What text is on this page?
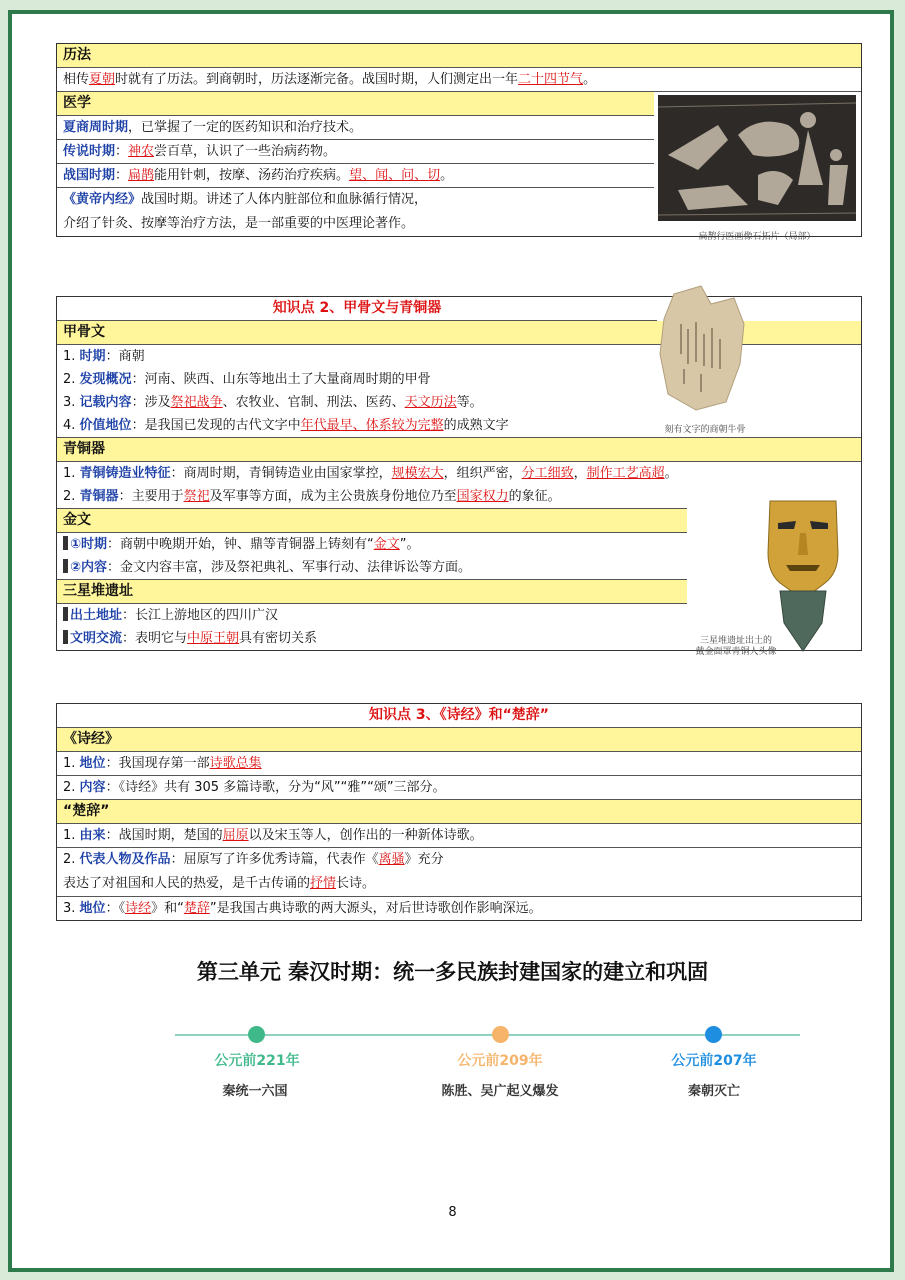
历法
相传夏朝时就有了历法。到商朝时，历法逐渐完备。战国时期，人们测定出一年二十四节气。
医学
夏商周时期，已掌握了一定的医药知识和治疗技术。
传说时期：神农尝百草，认识了一些治病药物。
战国时期：扁鹊能用针刺，按摩、汤药治疗疾病。望、闻、问、切。
《黄帝内经》战国时期。讲述了人体内脏部位和血脉循行情况，
介绍了针灸、按摩等治疗方法，是一部重要的中医理论著作。
扁鹊行医画像石拓片（局部）
知识点 2、甲骨文与青铜器
甲骨文
1. 时期：商朝
2. 发现概况：河南、陕西、山东等地出土了大量商周时期的甲骨
3. 记载内容：涉及祭祀战争、农牧业、官制、刑法、医药、天文历法等。
4. 价值地位：是我国已发现的古代文字中年代最早、体系较为完整的成熟文字
青铜器
1. 青铜铸造业特征：商周时期，青铜铸造业由国家掌控，规模宏大，组织严密，分工细致，制作工艺高超。
2. 青铜器：主要用于祭祀及军事等方面，成为主公贵族身份地位乃至国家权力的象征。
金文
①时期：商朝中晚期开始，钟、鼎等青铜器上铸刻有“金文”。
②内容：金文内容丰富，涉及祭祀典礼、军事行动、法律诉讼等方面。
三星堆遗址
出土地址：长江上游地区的四川广汉
文明交流：表明它与中原王朝具有密切关系
刻有文字的商朝牛骨
三星堆遗址出土的
戴金面罩青铜人头像
知识点 3、《诗经》和“楚辞”
《诗经》
1. 地位：我国现存第一部诗歌总集
2. 内容：《诗经》共有 305 多篇诗歌，分为“风”“雅”“颂”三部分。
“楚辞”
1. 由来：战国时期，楚国的屈原以及宋玉等人，创作出的一种新体诗歌。
2. 代表人物及作品：屈原写了许多优秀诗篇，代表作《离骚》充分
表达了对祖国和人民的热爱，是千古传诵的抒情长诗。
3. 地位：《诗经》和“楚辞”是我国古典诗歌的两大源头，对后世诗歌创作影响深远。
第三单元 秦汉时期：统一多民族封建国家的建立和巩固
公元前221年	公元前209年	公元前207年
秦统一六国	陈胜、吴广起义爆发	秦朝灭亡
8
